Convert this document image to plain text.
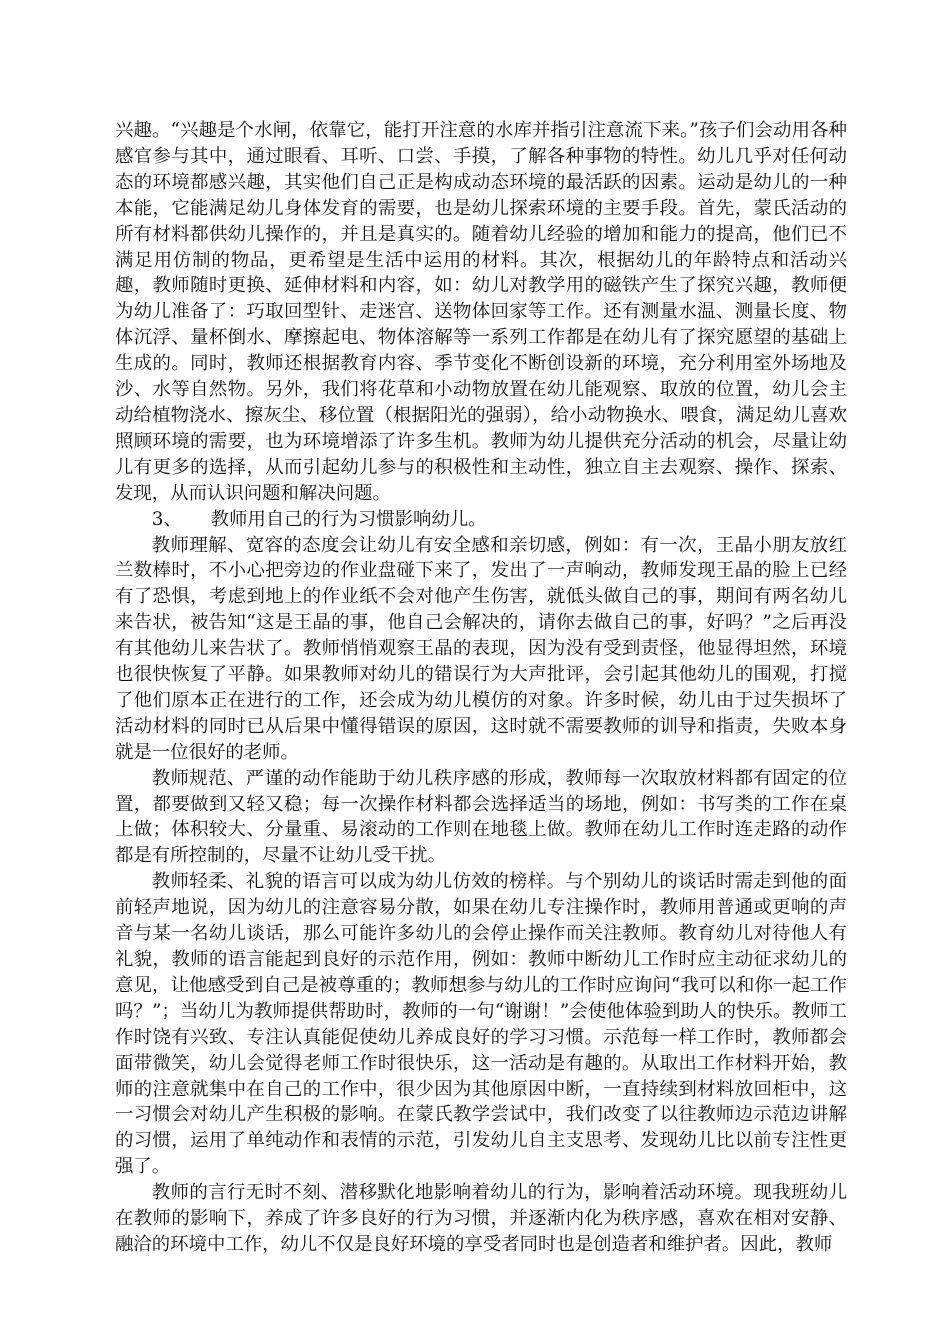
兴趣。“兴趣是个水闸，依靠它，能打开注意的水库并指引注意流下来。”孩子们会动用各种感官参与其中，通过眼看、耳听、口尝、手摸，了解各种事物的特性。幼儿几乎对任何动态的环境都感兴趣，其实他们自己正是构成动态环境的最活跃的因素。运动是幼儿的一种本能，它能满足幼儿身体发育的需要，也是幼儿探索环境的主要手段。首先，蒙氏活动的所有材料都供幼儿操作的，并且是真实的。随着幼儿经验的增加和能力的提高，他们已不满足用仿制的物品，更希望是生活中运用的材料。其次，根据幼儿的年龄特点和活动兴趣，教师随时更换、延伸材料和内容，如：幼儿对教学用的磁铁产生了探究兴趣，教师便为幼儿准备了：巧取回型针、走迷宫、送物体回家等工作。还有测量水温、测量长度、物体沉浮、量杯倒水、摩擦起电、物体溶解等一系列工作都是在幼儿有了探究愿望的基础上生成的。同时，教师还根据教育内容、季节变化不断创设新的环境，充分利用室外场地及沙、水等自然物。另外，我们将花草和小动物放置在幼儿能观察、取放的位置，幼儿会主动给植物浇水、擦灰尘、移位置（根据阳光的强弱），给小动物换水、喂食，满足幼儿喜欢照顾环境的需要，也为环境增添了许多生机。教师为幼儿提供充分活动的机会，尽量让幼儿有更多的选择，从而引起幼儿参与的积极性和主动性，独立自主去观察、操作、探索、发现，从而认识问题和解决问题。

3、 教师用自己的行为习惯影响幼儿。

教师理解、宽容的态度会让幼儿有安全感和亲切感，例如：有一次，王晶小朋友放红兰数棒时，不小心把旁边的作业盘碰下来了，发出了一声响动，教师发现王晶的脸上已经有了恐惧，考虑到地上的作业纸不会对他产生伤害，就低头做自己的事，期间有两名幼儿来告状，被告知“这是王晶的事，他自己会解决的，请你去做自己的事，好吗？”之后再没有其他幼儿来告状了。教师悄悄观察王晶的表现，因为没有受到责怪，他显得坦然，环境也很快恢复了平静。如果教师对幼儿的错误行为大声批评，会引起其他幼儿的围观，打搅了他们原本正在进行的工作，还会成为幼儿模仿的对象。许多时候，幼儿由于过失损坏了活动材料的同时已从后果中懂得错误的原因，这时就不需要教师的训导和指责，失败本身就是一位很好的老师。

教师规范、严谨的动作能助于幼儿秩序感的形成，教师每一次取放材料都有固定的位置，都要做到又轻又稳；每一次操作材料都会选择适当的场地，例如：书写类的工作在桌上做；体积较大、分量重、易滚动的工作则在地毯上做。教师在幼儿工作时连走路的动作都是有所控制的，尽量不让幼儿受干扰。

教师轻柔、礼貌的语言可以成为幼儿仿效的榜样。与个别幼儿的谈话时需走到他的面前轻声地说，因为幼儿的注意容易分散，如果在幼儿专注操作时，教师用普通或更响的声音与某一名幼儿谈话，那么可能许多幼儿的会停止操作而关注教师。教育幼儿对待他人有礼貌，教师的语言能起到良好的示范作用，例如：教师中断幼儿工作时应主动征求幼儿的意见，让他感受到自己是被尊重的；教师想参与幼儿的工作时应询问“我可以和你一起工作吗？”；当幼儿为教师提供帮助时，教师的一句“谢谢！”会使他体验到助人的快乐。教师工作时饶有兴致、专注认真能促使幼儿养成良好的学习习惯。示范每一样工作时，教师都会面带微笑，幼儿会觉得老师工作时很快乐，这一活动是有趣的。从取出工作材料开始，教师的注意就集中在自己的工作中，很少因为其他原因中断，一直持续到材料放回柜中，这一习惯会对幼儿产生积极的影响。在蒙氏教学尝试中，我们改变了以往教师边示范边讲解的习惯，运用了单纯动作和表情的示范，引发幼儿自主支思考、发现幼儿比以前专注性更强了。

教师的言行无时不刻、潜移默化地影响着幼儿的行为，影响着活动环境。现我班幼儿在教师的影响下，养成了许多良好的行为习惯，并逐渐内化为秩序感，喜欢在相对安静、融洽的环境中工作，幼儿不仅是良好环境的享受者同时也是创造者和维护者。因此，教师
